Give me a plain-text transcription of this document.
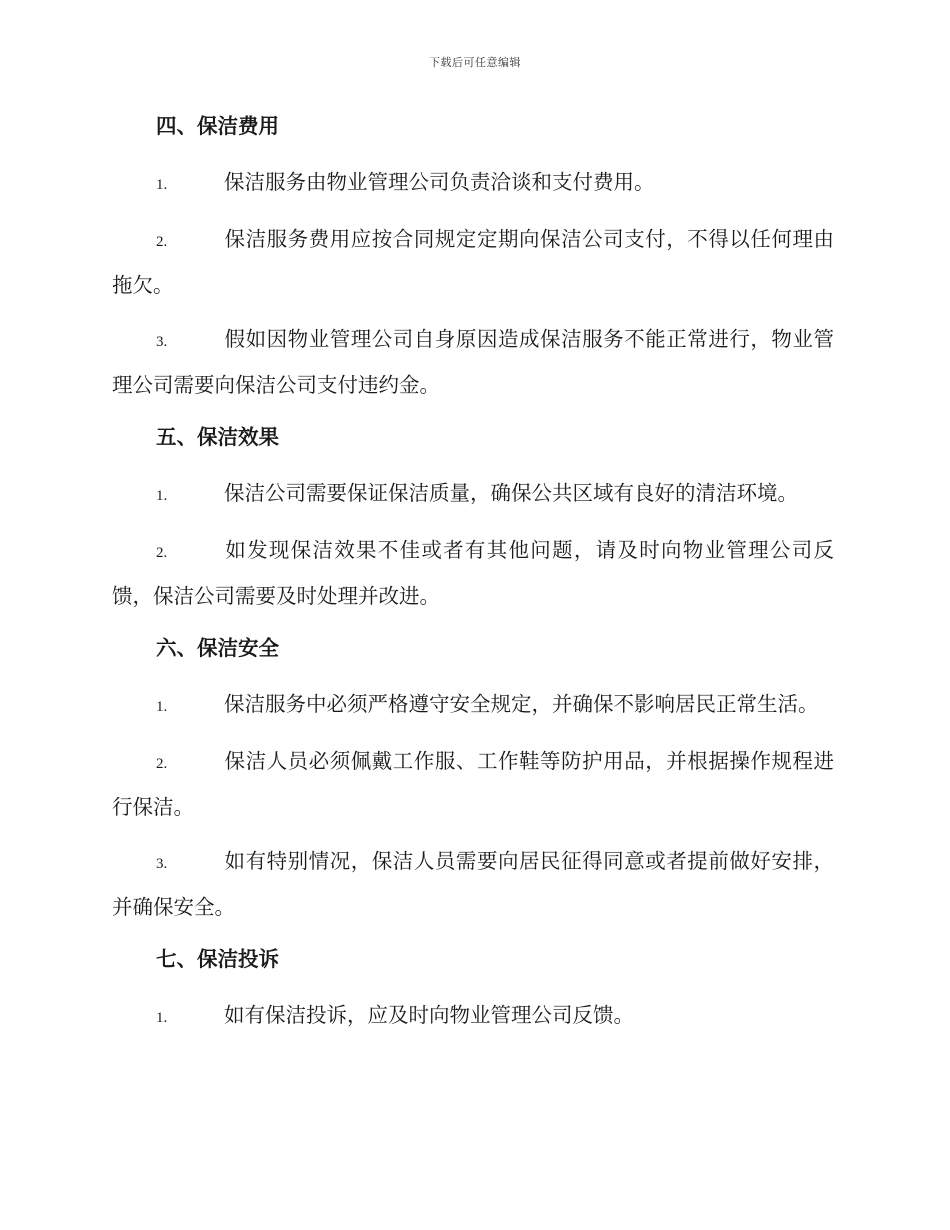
下载后可任意编辑
四、保洁费用

1.	保洁服务由物业管理公司负责洽谈和支付费用。

2.	保洁服务费用应按合同规定定期向保洁公司支付，不得以任何理由拖欠。

3.	假如因物业管理公司自身原因造成保洁服务不能正常进行，物业管理公司需要向保洁公司支付违约金。

五、保洁效果

1.	保洁公司需要保证保洁质量，确保公共区域有良好的清洁环境。

2.	如发现保洁效果不佳或者有其他问题，请及时向物业管理公司反馈，保洁公司需要及时处理并改进。

六、保洁安全

1.	保洁服务中必须严格遵守安全规定，并确保不影响居民正常生活。

2.	保洁人员必须佩戴工作服、工作鞋等防护用品，并根据操作规程进行保洁。

3.	如有特别情况，保洁人员需要向居民征得同意或者提前做好安排，并确保安全。

七、保洁投诉

1.	如有保洁投诉，应及时向物业管理公司反馈。
